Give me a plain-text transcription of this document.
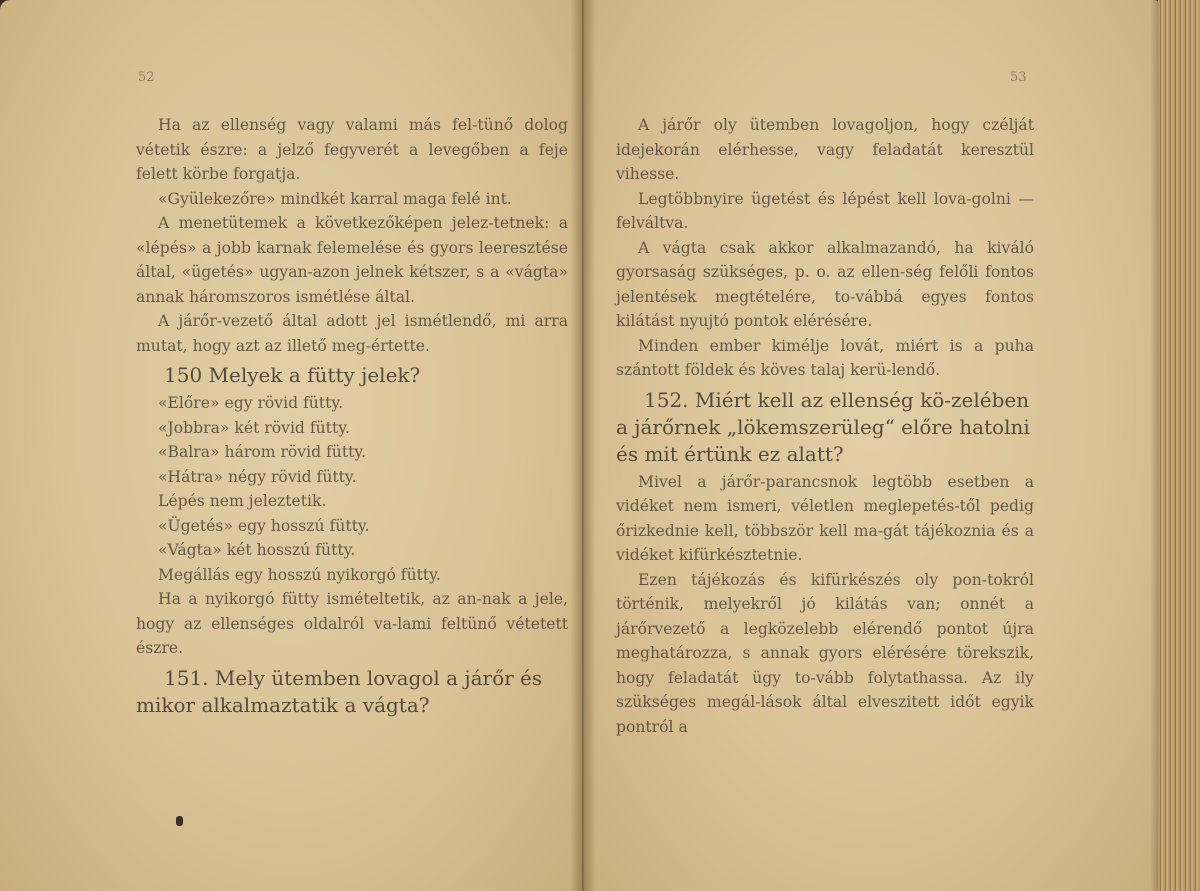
52

Ha az ellenség vagy valami más fel-tünő dolog vétetik észre: a jelző fegyverét a levegőben a feje felett körbe forgatja.

«Gyülekezőre» mindkét karral maga felé int.

A menetütemek a következőképen jelez-tetnek: a «lépés» a jobb karnak felemelése és gyors leeresztése által, «ügetés» ugyan-azon jelnek kétszer, s a «vágta» annak háromszoros ismétlése által.

A járőr-vezető által adott jel ismétlendő, mi arra mutat, hogy azt az illető meg-értette.

150 Melyek a fütty jelek?

«Előre» egy rövid fütty.

«Jobbra» két rövid fütty.

«Balra» három rövid fütty.

«Hátra» négy rövid fütty.

Lépés nem jeleztetik.

«Ügetés» egy hosszú fütty.

«Vágta» két hosszú fütty.

Megállás egy hosszú nyikorgó fütty.

Ha a nyikorgó fütty ismételtetik, az an-nak a jele, hogy az ellenséges oldalról va-lami feltünő vétetett észre.

151. Mely ütemben lovagol a járőr és mikor alkalmaztatik a vágta?

53

A járőr oly ütemben lovagoljon, hogy czélját idejekorán elérhesse, vagy feladatát keresztül vihesse.

Legtöbbnyire ügetést és lépést kell lova-golni — felváltva.

A vágta csak akkor alkalmazandó, ha kiváló gyorsaság szükséges, p. o. az ellen-ség felőli fontos jelentések megtételére, to-vábbá egyes fontos kilátást nyujtó pontok elérésére.

Minden ember kimélje lovát, miért is a puha szántott földek és köves talaj kerü-lendő.

152. Miért kell az ellenség kö-zelében a járőrnek „lökemszerüleg“ előre hatolni és mit értünk ez alatt?

Mivel a járőr-parancsnok legtöbb esetben a vidéket nem ismeri, véletlen meglepetés-től pedig őrizkednie kell, többször kell ma-gát tájékoznia és a vidéket kifürkésztetnie.

Ezen tájékozás és kifürkészés oly pon-tokról történik, melyekről jó kilátás van; onnét a járőrvezető a legközelebb elérendő pontot újra meghatározza, s annak gyors elérésére törekszik, hogy feladatát ügy to-vább folytathassa. Az ily szükséges megál-lások által elveszitett időt egyik pontról a
